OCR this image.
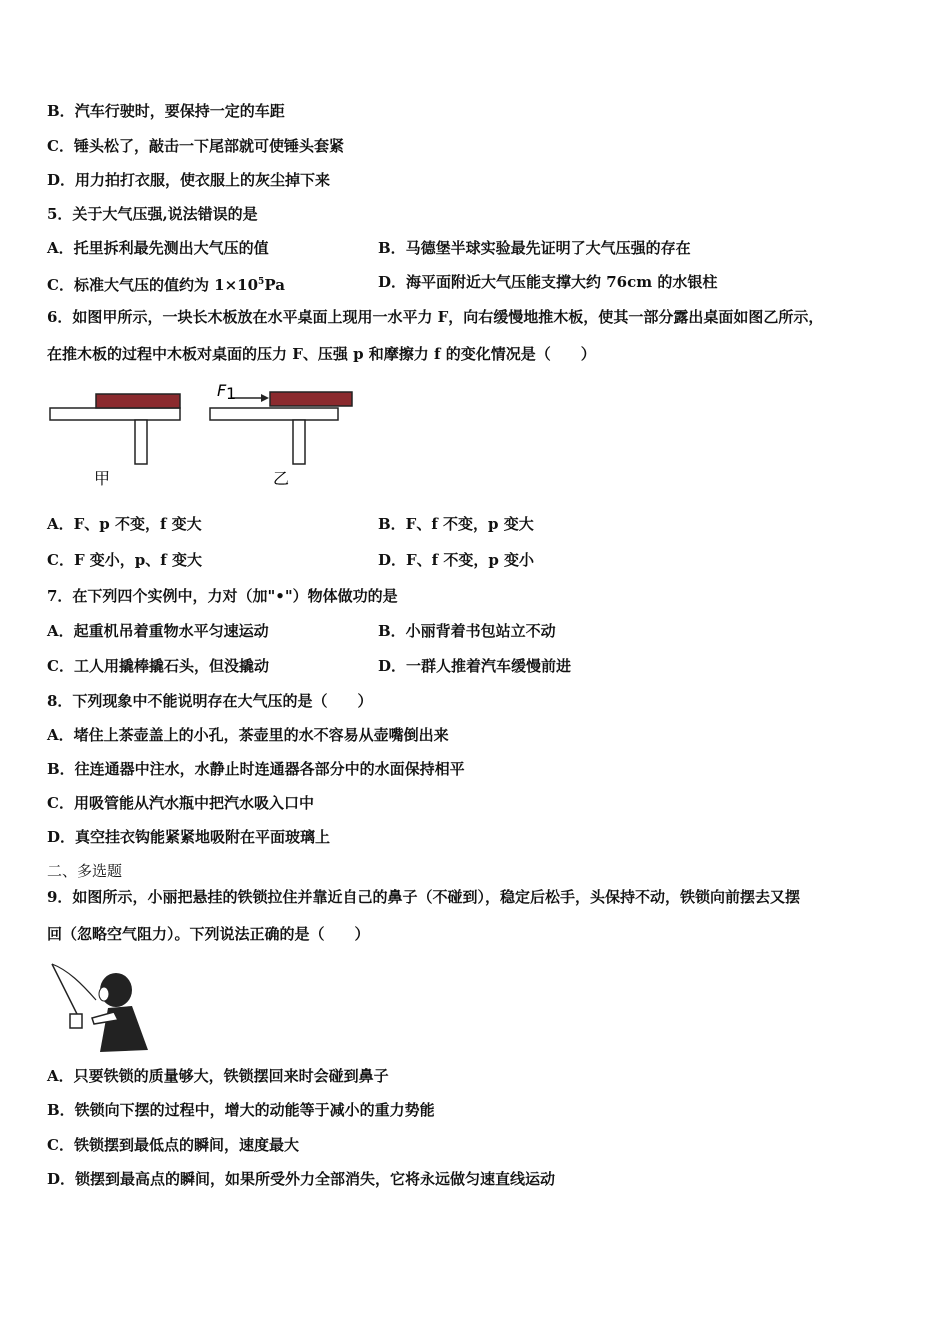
B．汽车行驶时，要保持一定的车距
C．锤头松了，敲击一下尾部就可使锤头套紧
D．用力拍打衣服，使衣服上的灰尘掉下来
5．关于大气压强,说法错误的是
A．托里拆利最先测出大气压的值	B．马德堡半球实验最先证明了大气压强的存在
C．标准大气压的值约为 $1\times 10^5Pa$	D．海平面附近大气压能支撑大约 76cm 的水银柱
6．如图甲所示，一块长木板放在水平桌面上现用一水平力 F，向右缓慢地推木板，使其一部分露出桌面如图乙所示，
在推木板的过程中木板对桌面的压力 F、压强 p 和摩擦力 f 的变化情况是（　　）
甲
F 1
乙
A．F、p 不变，f 变大	B．F、f 不变，p 变大
C．F 变小，p、f 变大	D．F、f 不变，p 变小
7．在下列四个实例中，力对（加"•"）物体做功的是
A．起重机吊着重物水平匀速运动	B．小丽背着书包站立不动
C．工人用撬棒撬石头，但没撬动	D．一群人推着汽车缓慢前进
8．下列现象中不能说明存在大气压的是（　　）
A．堵住上茶壶盖上的小孔，茶壶里的水不容易从壶嘴倒出来
B．往连通器中注水，水静止时连通器各部分中的水面保持相平
C．用吸管能从汽水瓶中把汽水吸入口中
D．真空挂衣钩能紧紧地吸附在平面玻璃上
二、多选题
9．如图所示，小丽把悬挂的铁锁拉住并靠近自己的鼻子（不碰到），稳定后松手，头保持不动，铁锁向前摆去又摆
回（忽略空气阻力）。下列说法正确的是（　　）
A．只要铁锁的质量够大，铁锁摆回来时会碰到鼻子
B．铁锁向下摆的过程中，增大的动能等于减小的重力势能
C．铁锁摆到最低点的瞬间，速度最大
D．锁摆到最高点的瞬间，如果所受外力全部消失，它将永远做匀速直线运动
